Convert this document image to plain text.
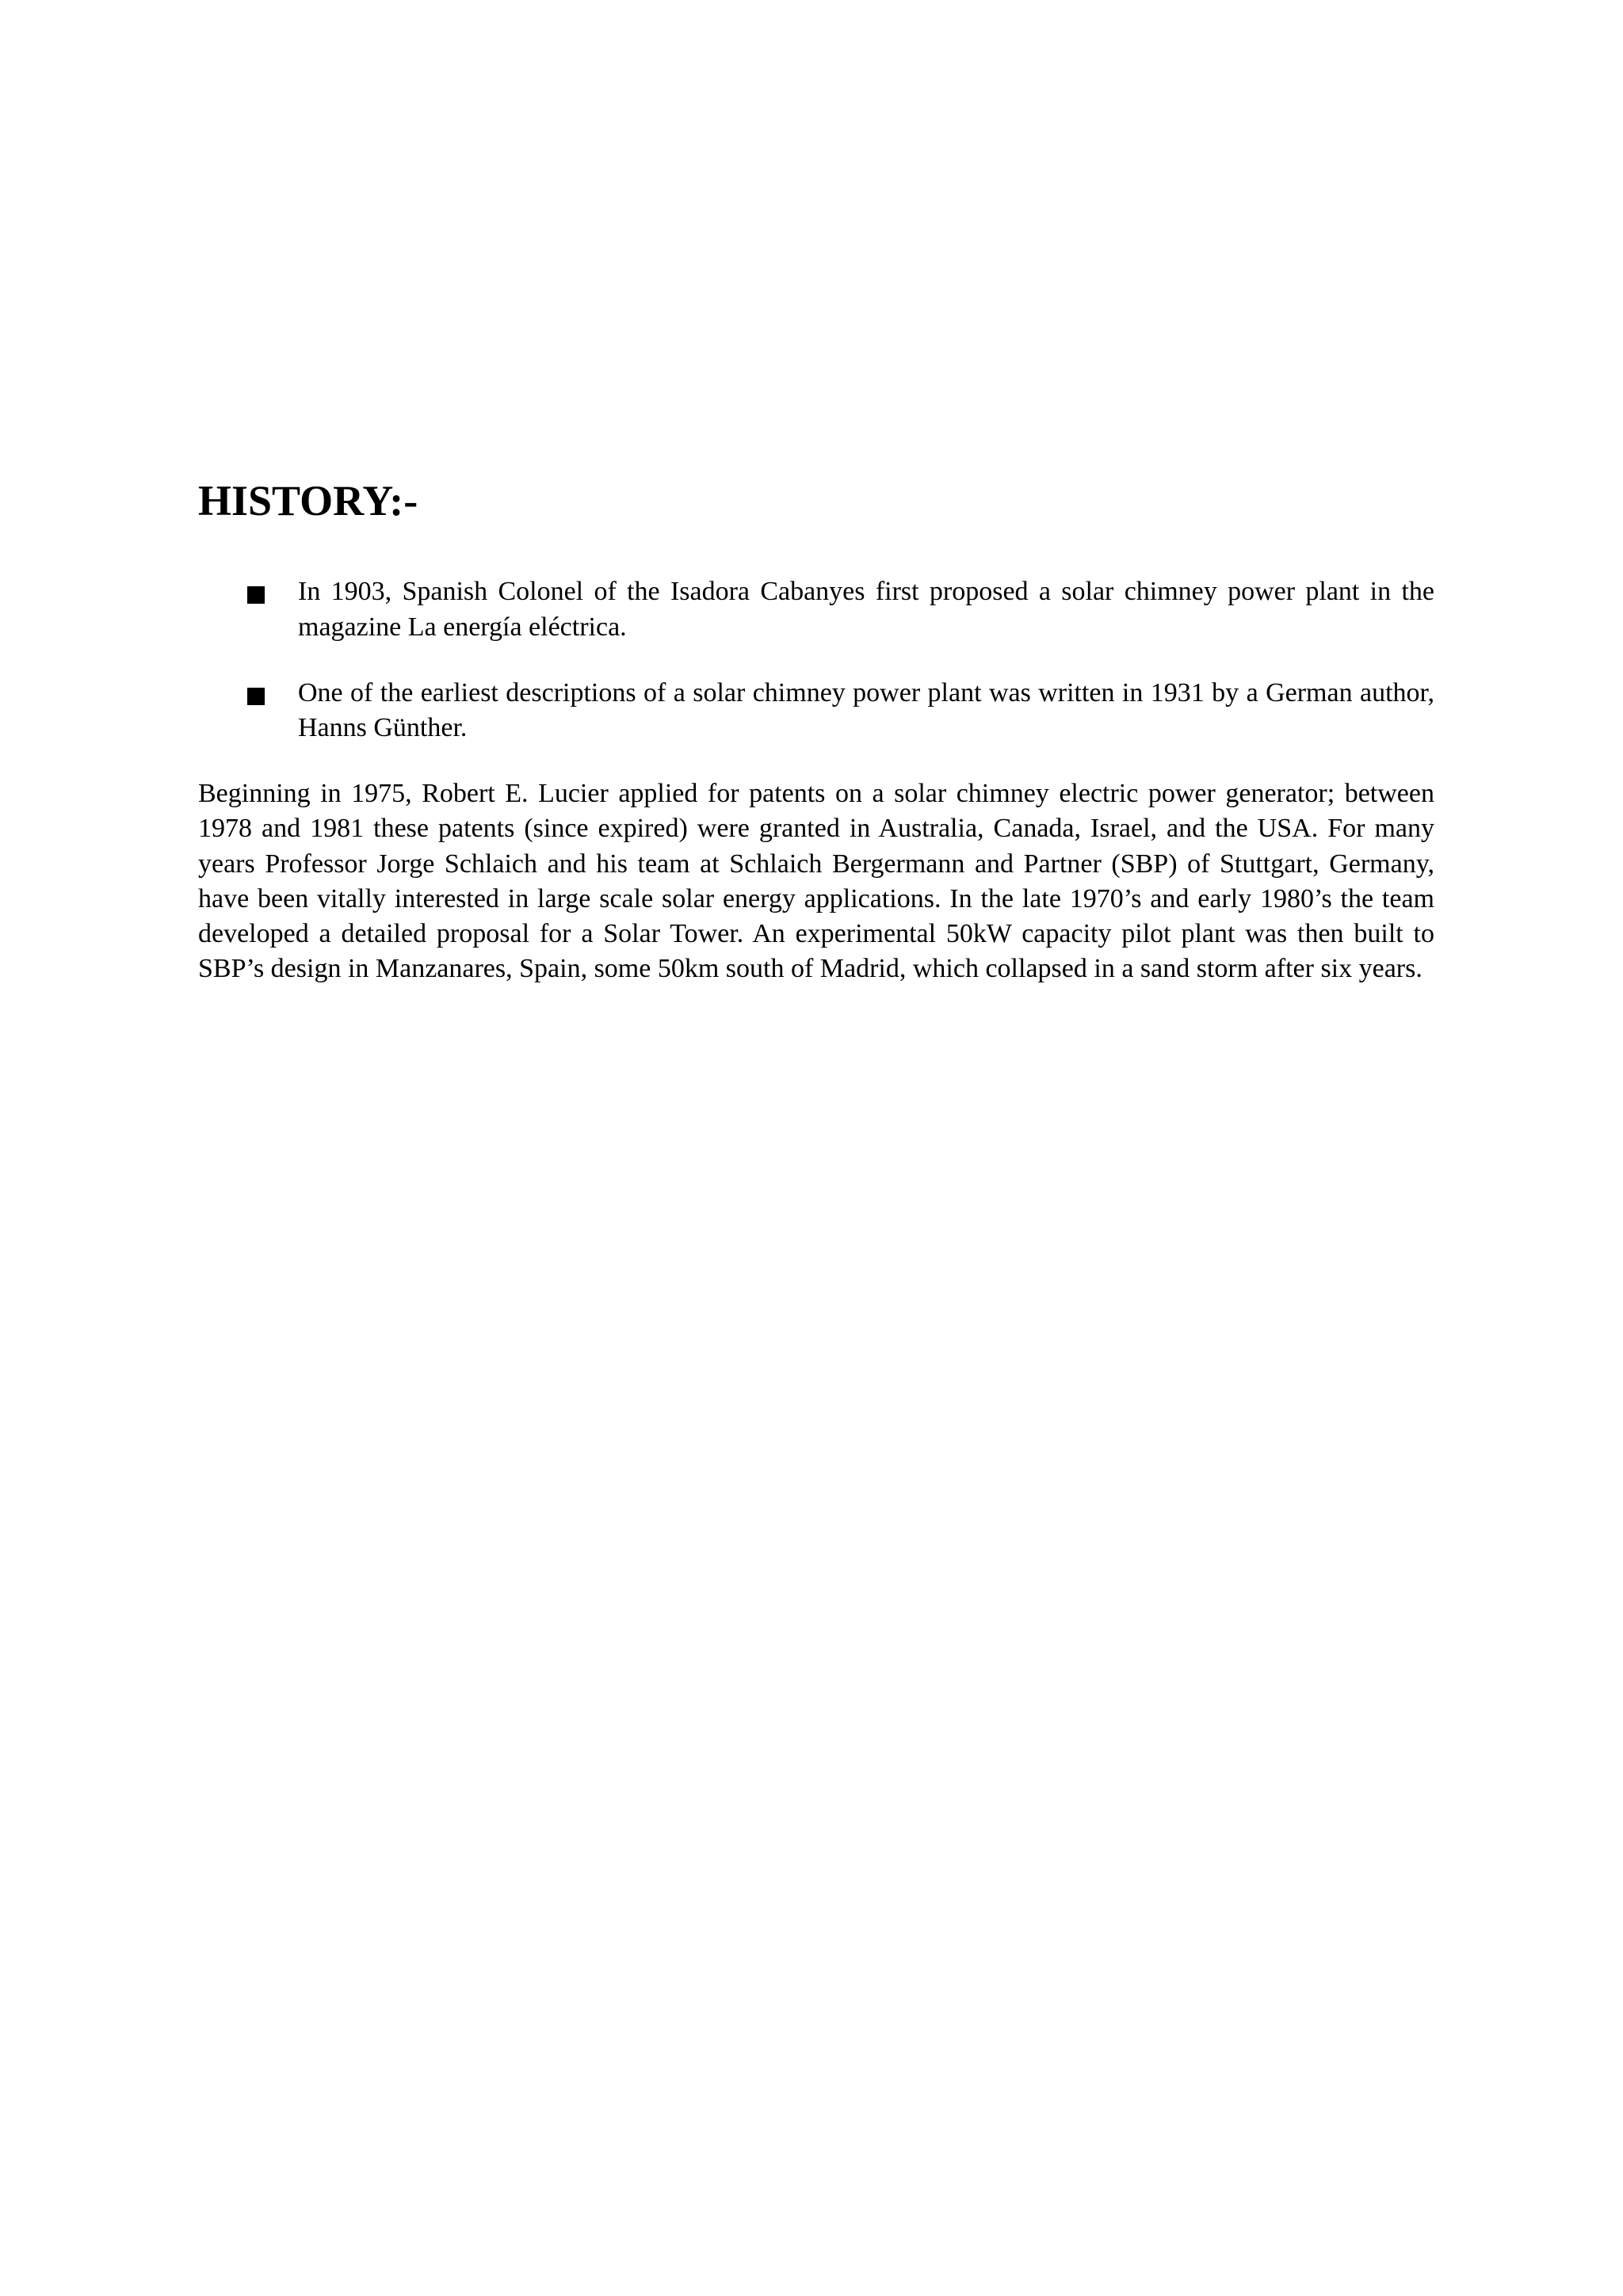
HISTORY:-
In 1903, Spanish Colonel of the Isadora Cabanyes first proposed a solar chimney power plant in the magazine La energía eléctrica.
One of the earliest descriptions of a solar chimney power plant was written in 1931 by a German author, Hanns Günther.

Beginning in 1975, Robert E. Lucier applied for patents on a solar chimney electric power generator; between 1978 and 1981 these patents (since expired) were granted in Australia, Canada, Israel, and the USA. For many years Professor Jorge Schlaich and his team at Schlaich Bergermann and Partner (SBP) of Stuttgart, Germany, have been vitally interested in large scale solar energy applications. In the late 1970’s and early 1980’s the team developed a detailed proposal for a Solar Tower. An experimental 50kW capacity pilot plant was then built to SBP’s design in Manzanares, Spain, some 50km south of Madrid, which collapsed in a sand storm after six years.
